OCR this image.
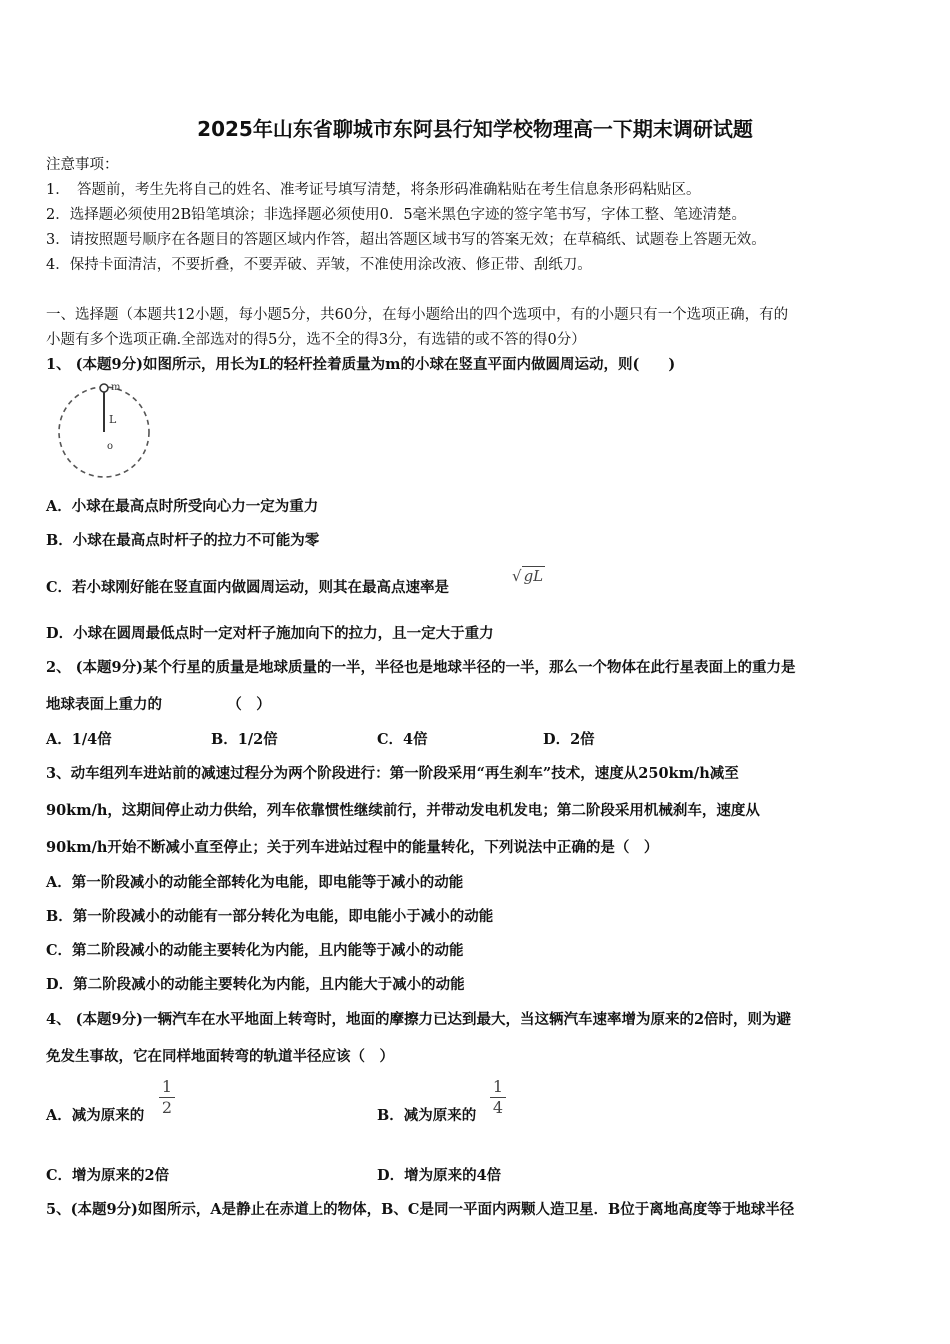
2025年山东省聊城市东阿县行知学校物理高一下期末调研试题
注意事项：
1．　答题前，考生先将自己的姓名、准考证号填写清楚，将条形码准确粘贴在考生信息条形码粘贴区。
2．选择题必须使用2B铅笔填涂；非选择题必须使用0．5毫米黑色字迹的签字笔书写，字体工整、笔迹清楚。
3．请按照题号顺序在各题目的答题区域内作答，超出答题区域书写的答案无效；在草稿纸、试题卷上答题无效。
4．保持卡面清洁，不要折叠，不要弄破、弄皱，不准使用涂改液、修正带、刮纸刀。
一、选择题（本题共12小题，每小题5分，共60分，在每小题给出的四个选项中，有的小题只有一个选项正确，有的
小题有多个选项正确.全部选对的得5分，选不全的得3分，有选错的或不答的得0分）
1、 (本题9分)如图所示，用长为L的轻杆拴着质量为m的小球在竖直平面内做圆周运动，则(　　)
m
L
o
A．小球在最高点时所受向心力一定为重力
B．小球在最高点时杆子的拉力不可能为零
C．若小球刚好能在竖直面内做圆周运动，则其在最高点速率是
√ gL
D．小球在圆周最低点时一定对杆子施加向下的拉力，且一定大于重力
2、 (本题9分)某个行星的质量是地球质量的一半，半径也是地球半径的一半，那么一个物体在此行星表面上的重力是
地球表面上重力的　　　　　（　）
A．1/4倍	B．1/2倍	C．4倍	D．2倍
3、动车组列车进站前的减速过程分为两个阶段进行：第一阶段采用“再生刹车”技术，速度从250km/h减至
90km/h，这期间停止动力供给，列车依靠惯性继续前行，并带动发电机发电；第二阶段采用机械刹车，速度从
90km/h开始不断减小直至停止；关于列车进站过程中的能量转化，下列说法中正确的是（　）
A．第一阶段减小的动能全部转化为电能，即电能等于减小的动能
B．第一阶段减小的动能有一部分转化为电能，即电能小于减小的动能
C．第二阶段减小的动能主要转化为内能，且内能等于减小的动能
D．第二阶段减小的动能主要转化为内能，且内能大于减小的动能
4、 (本题9分)一辆汽车在水平地面上转弯时，地面的摩擦力已达到最大，当这辆汽车速率增为原来的2倍时，则为避
免发生事故，它在同样地面转弯的轨道半径应该（　）
A．减为原来的
1
2	B．减为原来的
1
4
C．增为原来的2倍	D．增为原来的4倍
5、(本题9分)如图所示，A是静止在赤道上的物体，B、C是同一平面内两颗人造卫星．B位于离地高度等于地球半径
